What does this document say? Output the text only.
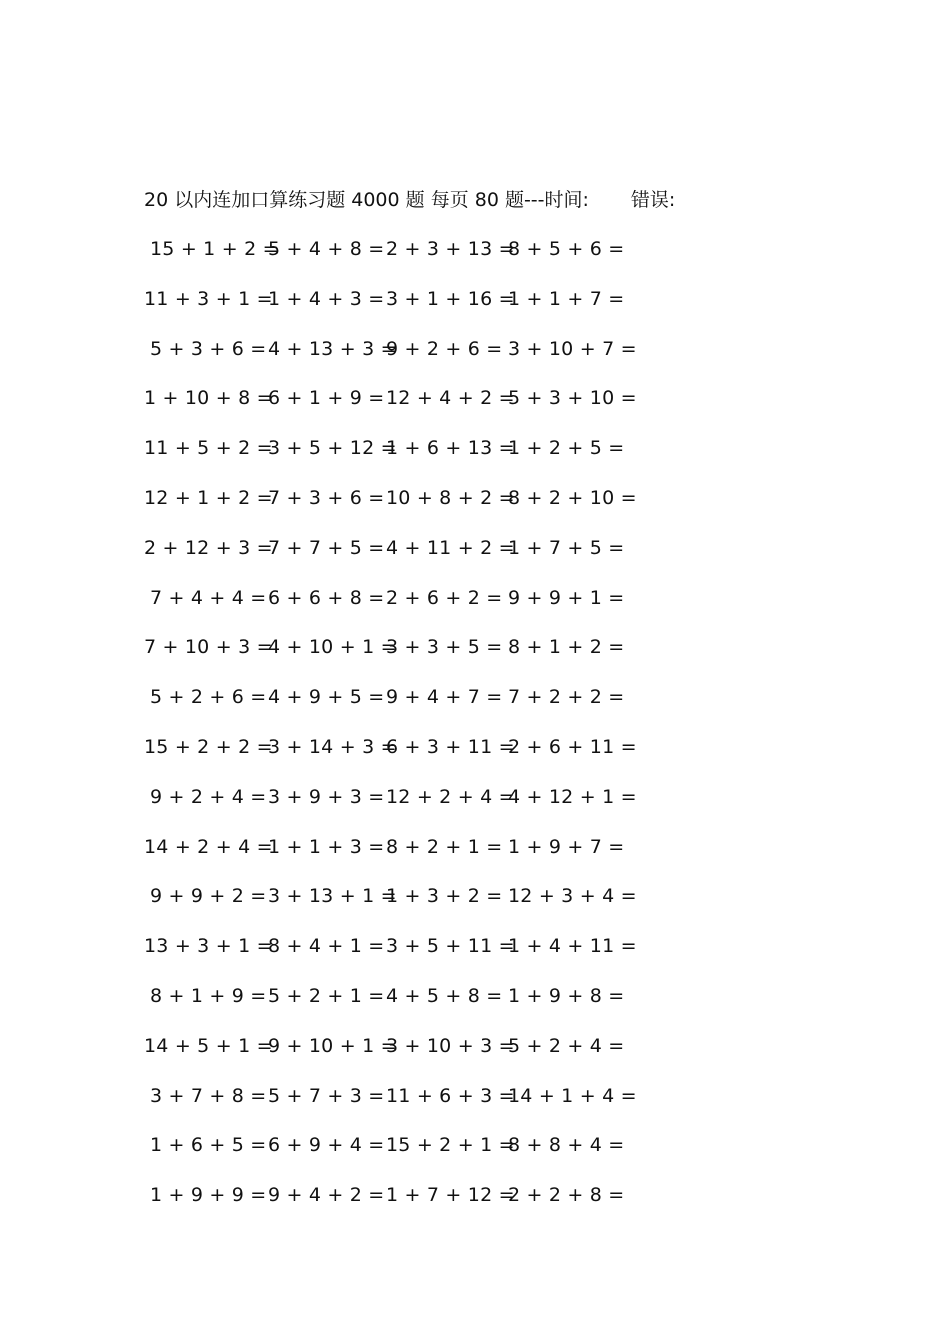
20 以内连加口算练习题 4000 题 每页 80 题---时间: 错误:
15 + 1 + 2 =
5 + 4 + 8 = 2 + 3 + 13 =
8 + 5 + 6 =
11 + 3 + 1 =
1 + 4 + 3 = 3 + 1 + 16 =
1 + 1 + 7 =
5 + 3 + 6 = 4 + 13 + 3 =
9 + 2 + 6 = 3 + 10 + 7 =
1 + 10 + 8 =
6 + 1 + 9 = 12 + 4 + 2 =
5 + 3 + 10 =
11 + 5 + 2 =
3 + 5 + 12 =
1 + 6 + 13 =
1 + 2 + 5 =
12 + 1 + 2 =
7 + 3 + 6 = 10 + 8 + 2 =
8 + 2 + 10 =
2 + 12 + 3 =
7 + 7 + 5 = 4 + 11 + 2 =
1 + 7 + 5 =
7 + 4 + 4 = 6 + 6 + 8 = 2 + 6 + 2 = 9 + 9 + 1 =
7 + 10 + 3 =
4 + 10 + 1 =
3 + 3 + 5 = 8 + 1 + 2 =
5 + 2 + 6 = 4 + 9 + 5 = 9 + 4 + 7 = 7 + 2 + 2 =
15 + 2 + 2 =
3 + 14 + 3 =
6 + 3 + 11 =
2 + 6 + 11 =
9 + 2 + 4 = 3 + 9 + 3 = 12 + 2 + 4 =
4 + 12 + 1 =
14 + 2 + 4 =
1 + 1 + 3 = 8 + 2 + 1 = 1 + 9 + 7 =
9 + 9 + 2 = 3 + 13 + 1 =
1 + 3 + 2 = 12 + 3 + 4 =
13 + 3 + 1 =
8 + 4 + 1 = 3 + 5 + 11 =
1 + 4 + 11 =
8 + 1 + 9 = 5 + 2 + 1 = 4 + 5 + 8 = 1 + 9 + 8 =
14 + 5 + 1 =
9 + 10 + 1 =
3 + 10 + 3 =
5 + 2 + 4 =
3 + 7 + 8 = 5 + 7 + 3 = 11 + 6 + 3 =
14 + 1 + 4 =
1 + 6 + 5 = 6 + 9 + 4 = 15 + 2 + 1 =
8 + 8 + 4 =
1 + 9 + 9 = 9 + 4 + 2 = 1 + 7 + 12 =
2 + 2 + 8 =
